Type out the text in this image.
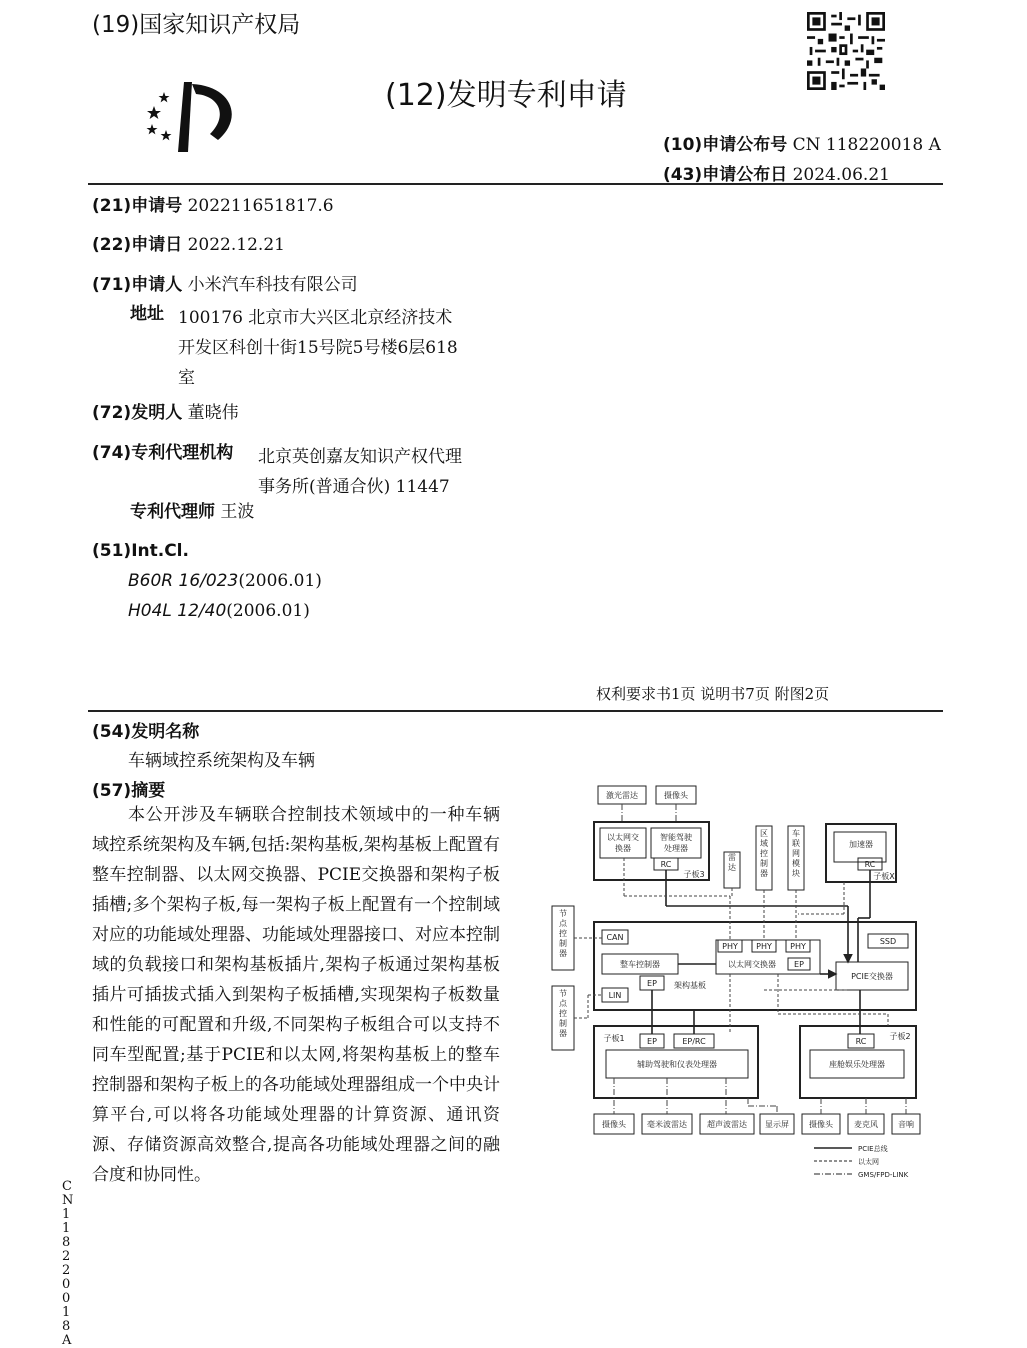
(19)国家知识产权局
(12)发明专利申请
(10)申请公布号 CN 118220018 A
(43)申请公布日 2024.06.21
(21)申请号 202211651817.6
(22)申请日 2022.12.21
(71)申请人 小米汽车科技有限公司
地址 100176 北京市大兴区北京经济技术
开发区科创十街15号院5号楼6层618
室
(72)发明人 董晓伟
(74)专利代理机构 北京英创嘉友知识产权代理
事务所(普通合伙) 11447
专利代理师 王波
(51)Int.Cl.
B60R 16/023(2006.01)
H04L 12/40(2006.01)
权利要求书1页 说明书7页 附图2页
(54)发明名称
车辆域控系统架构及车辆
(57)摘要
本公开涉及车辆联合控制技术领域中的一种车辆域控系统架构及车辆,包括:架构基板,架构基板上配置有整车控制器、以太网交换器、PCIE交换器和架构子板插槽;多个架构子板,每一架构子板上配置有一个控制域对应的功能域处理器、功能域处理器接口、对应本控制域的负载接口和架构基板插片,架构子板通过架构基板插片可插拔式插入到架构子板插槽,实现架构子板数量和性能的可配置和升级,不同架构子板组合可以支持不同车型配置;基于PCIE和以太网,将架构基板上的整车控制器和架构子板上的各功能域处理器组成一个中央计算平台,可以将各功能域处理器的计算资源、通讯资源、存储资源高效整合,提高各功能域处理器之间的融合度和协同性。
CN 118220018 A
激光雷达	摄像头
以太网交
换器
智能驾驶
处理器
RC
子板3
加速器
RC
子板X
CAN
整车控制器
EP
LIN
架构基板
PHY PHY PHY
以太网交换器 EP
SSD
PCIE交换器
子板1	EP	EP/RC
辅助驾驶和仪表处理器
RC
子板2
座舱娱乐处理器
摄像头	毫米波雷达	超声波雷达 显示屏	摄像头	麦克风	音响
PCIE总线
以太网
GMS/FPD-LINK
雷达
区域控制器
车联网模块
节点控制器
节点控制器
